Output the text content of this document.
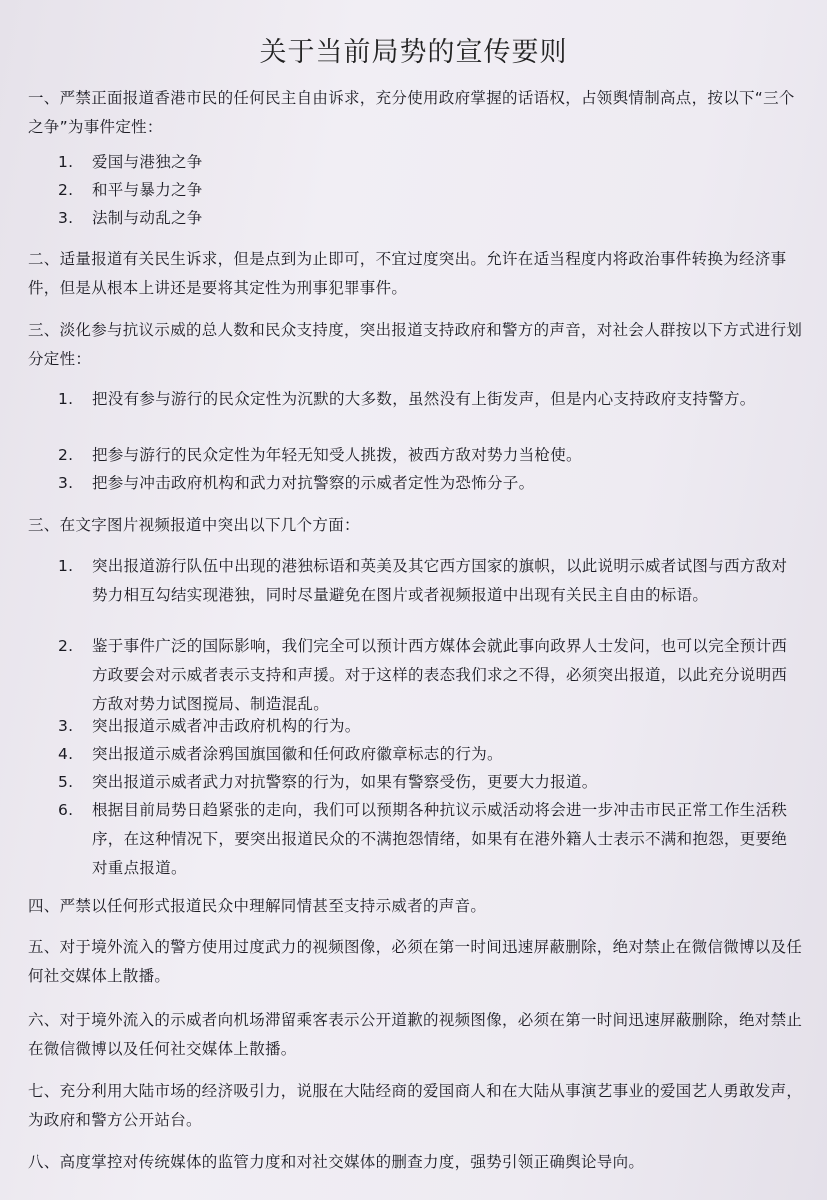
关于当前局势的宣传要则
一、严禁正面报道香港市民的任何民主自由诉求，充分使用政府掌握的话语权，占领舆情制高点，按以下“三个之争”为事件定性：
1.	爱国与港独之争
2.	和平与暴力之争
3.	法制与动乱之争
二、适量报道有关民生诉求，但是点到为止即可，不宜过度突出。允许在适当程度内将政治事件转换为经济事件，但是从根本上讲还是要将其定性为刑事犯罪事件。
三、淡化参与抗议示威的总人数和民众支持度，突出报道支持政府和警方的声音，对社会人群按以下方式进行划分定性：
1.	把没有参与游行的民众定性为沉默的大多数，虽然没有上街发声，但是内心支持政府支持警方。
2.	把参与游行的民众定性为年轻无知受人挑拨，被西方敌对势力当枪使。
3.	把参与冲击政府机构和武力对抗警察的示威者定性为恐怖分子。
三、在文字图片视频报道中突出以下几个方面：
1.	突出报道游行队伍中出现的港独标语和英美及其它西方国家的旗帜，以此说明示威者试图与西方敌对势力相互勾结实现港独，同时尽量避免在图片或者视频报道中出现有关民主自由的标语。
2.	鉴于事件广泛的国际影响，我们完全可以预计西方媒体会就此事向政界人士发问，也可以完全预计西方政要会对示威者表示支持和声援。对于这样的表态我们求之不得，必须突出报道，以此充分说明西方敌对势力试图搅局、制造混乱。
3.	突出报道示威者冲击政府机构的行为。
4.	突出报道示威者涂鸦国旗国徽和任何政府徽章标志的行为。
5.	突出报道示威者武力对抗警察的行为，如果有警察受伤，更要大力报道。
6.	根据目前局势日趋紧张的走向，我们可以预期各种抗议示威活动将会进一步冲击市民正常工作生活秩序，在这种情况下，要突出报道民众的不满抱怨情绪，如果有在港外籍人士表示不满和抱怨，更要绝对重点报道。
四、严禁以任何形式报道民众中理解同情甚至支持示威者的声音。
五、对于境外流入的警方使用过度武力的视频图像，必须在第一时间迅速屏蔽删除，绝对禁止在微信微博以及任何社交媒体上散播。
六、对于境外流入的示威者向机场滞留乘客表示公开道歉的视频图像，必须在第一时间迅速屏蔽删除，绝对禁止在微信微博以及任何社交媒体上散播。
七、充分利用大陆市场的经济吸引力，说服在大陆经商的爱国商人和在大陆从事演艺事业的爱国艺人勇敢发声，为政府和警方公开站台。
八、高度掌控对传统媒体的监管力度和对社交媒体的删查力度，强势引领正确舆论导向。
